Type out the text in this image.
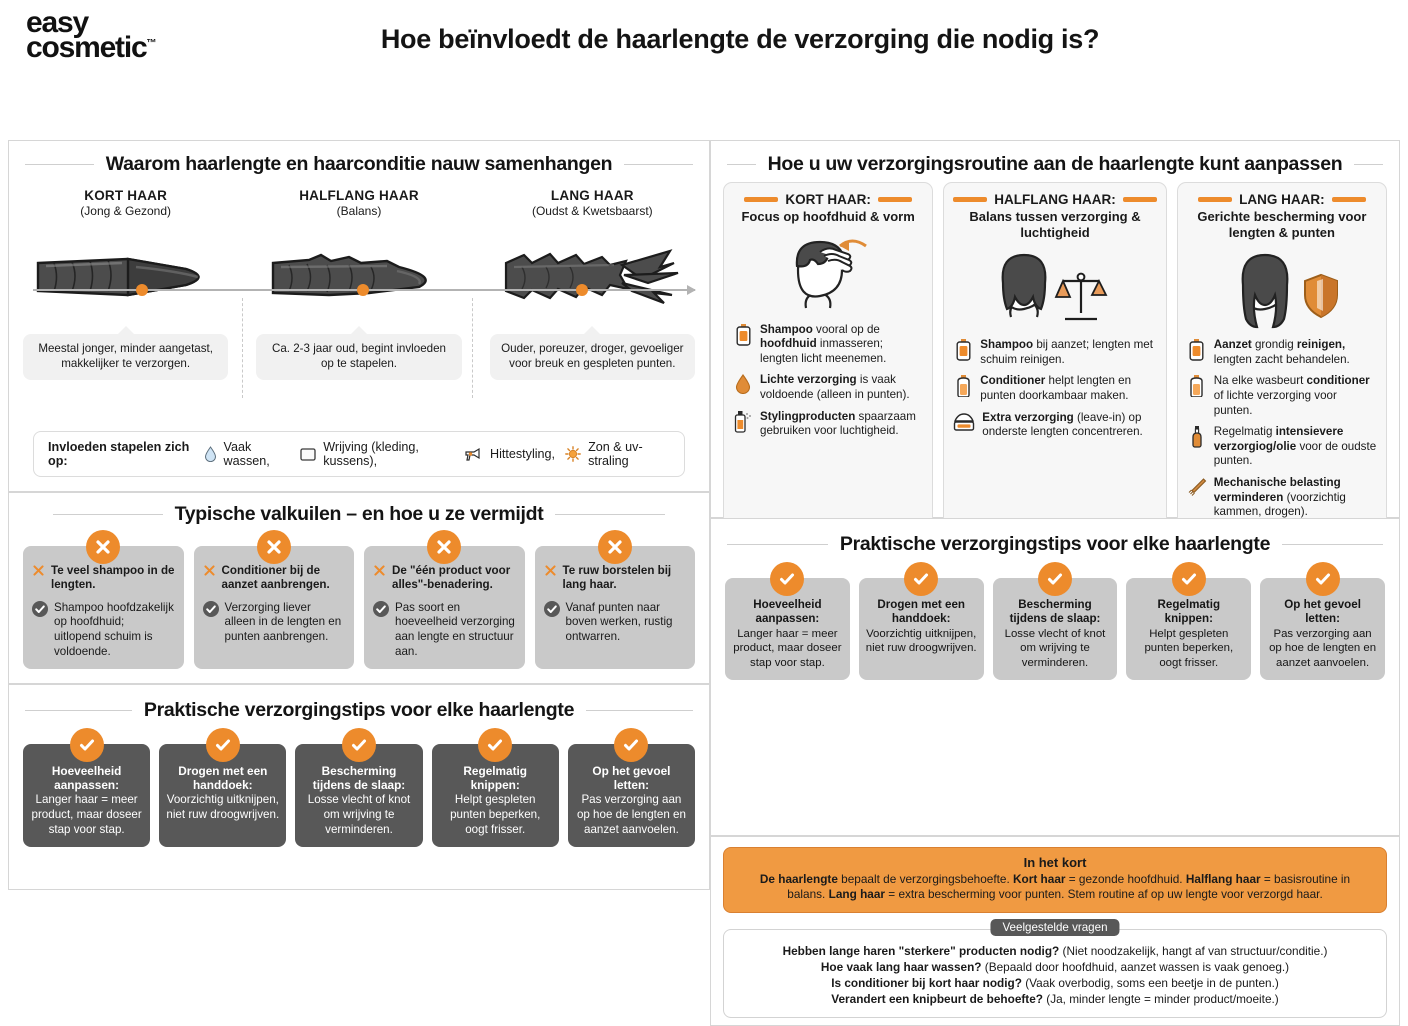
easy
cosmetic™	Hoe beïnvloedt de haarlengte de verzorging die nodig is?
Waarom haarlengte en haarconditie nauw samenhangen
KORT HAAR
(Jong & Gezond)
Meestal jonger, minder aangetast, makkelijker te verzorgen.
HALFLANG HAAR
(Balans)
Ca. 2-3 jaar oud, begint invloeden op te stapelen.
LANG HAAR
(Oudst & Kwetsbaarst)
Ouder, poreuzer, droger, gevoeliger voor breuk en gespleten punten.
Invloeden stapelen zich op:
Vaak wassen,
Wrijving (kleding, kussens),	Hittestyling,	Zon & uv-straling
Hoe u uw verzorgingsroutine aan de haarlengte kunt aanpassen
KORT HAAR:
Focus op hoofdhuid & vorm
Shampoo vooral op de hoofdhuid inmasseren; lengten licht meenemen.
Lichte verzorging is vaak voldoende (alleen in punten).
Stylingproducten spaarzaam gebruiken voor luchtigheid.
HALFLANG HAAR:
Balans tussen verzorging & luchtigheid
Shampoo bij aanzet; lengten met schuim reinigen.
Conditioner helpt lengten en punten doorkambaar maken.
Extra verzorging (leave-in) op onderste lengten concentreren.
LANG HAAR:
Gerichte bescherming voor lengten & punten
Aanzet grondig reinigen, lengten zacht behandelen.
Na elke wasbeurt conditioner of lichte verzorging voor punten.
Regelmatig intensievere verzorgiog/olie voor de oudste punten.
Mechanische belasting verminderen (voorzichtig kammen, drogen).
Typische valkuilen – en hoe u ze vermijdt
Te veel shampoo in de lengten.
Shampoo hoofdzakelijk op hoofdhuid; uitlopend schuim is voldoende.
Conditioner bij de aanzet aanbrengen.
Verzorging liever alleen in de lengten en punten aanbrengen.
De "één product voor alles"-benadering.
Pas soort en hoeveelheid verzorging aan lengte en structuur aan.
Te ruw borstelen bij lang haar.
Vanaf punten naar boven werken, rustig ontwarren.
Praktische verzorgingstips voor elke haarlengte
Hoeveelheid aanpassen:
Langer haar = meer product, maar doseer stap voor stap.
Drogen met een handdoek:
Voorzichtig uitknijpen, niet ruw droogwrijven.
Bescherming tijdens de slaap:
Losse vlecht of knot om wrijving te verminderen.
Regelmatig knippen:
Helpt gespleten punten beperken, oogt frisser.
Op het gevoel letten:
Pas verzorging aan op hoe de lengten en aanzet aanvoelen.
Praktische verzorgingstips voor elke haarlengte
Hoeveelheid aanpassen:
Langer haar = meer product, maar doseer stap voor stap.
Drogen met een handdoek:
Voorzichtig uitknijpen, niet ruw droogwrijven.
Bescherming tijdens de slaap:
Losse vlecht of knot om wrijving te verminderen.
Regelmatig knippen:
Helpt gespleten punten beperken, oogt frisser.
Op het gevoel letten:
Pas verzorging aan op hoe de lengten en aanzet aanvoelen.
In het kort
De haarlengte bepaalt de verzorgingsbehoefte. Kort haar = gezonde hoofdhuid. Halflang haar = basisroutine in
balans. Lang haar = extra bescherming voor punten. Stem routine af op uw lengte voor verzorgd haar.
Veelgestelde vragen
Hebben lange haren "sterkere" producten nodig? (Niet noodzakelijk, hangt af van structuur/conditie.)
Hoe vaak lang haar wassen? (Bepaald door hoofdhuid, aanzet wassen is vaak genoeg.)
Is conditioner bij kort haar nodig? (Vaak overbodig, soms een beetje in de punten.)
Verandert een knipbeurt de behoefte? (Ja, minder lengte = minder product/moeite.)
